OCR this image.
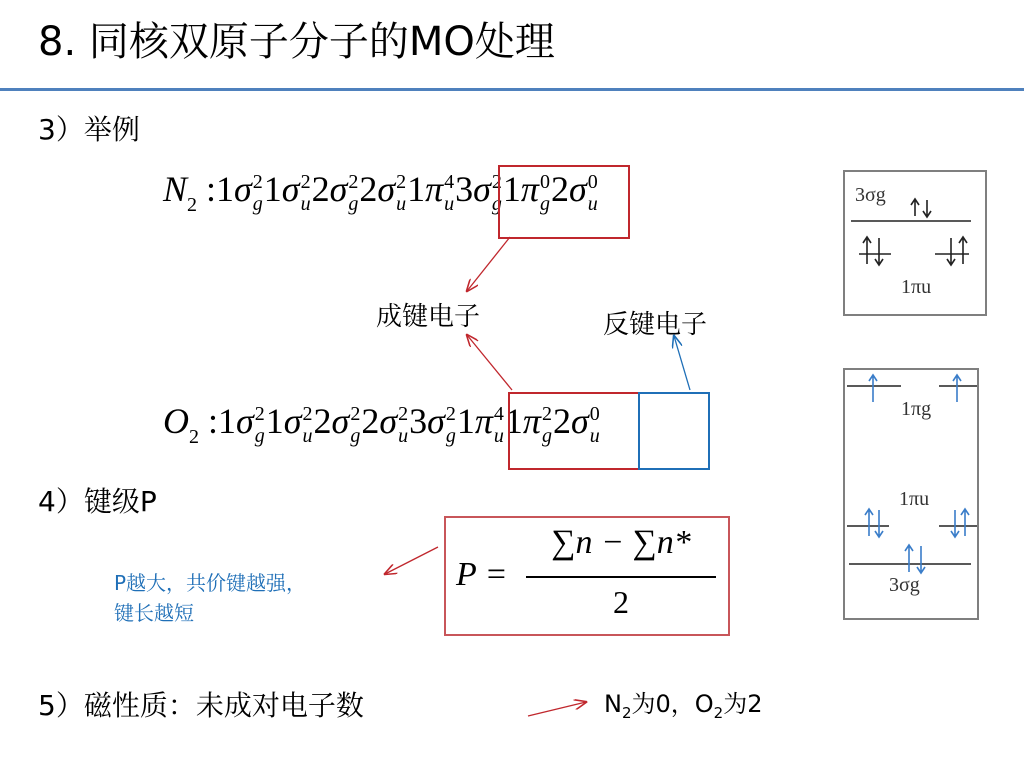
8. 同核双原子分子的MO处理
3）举例
$N_2$ :1σ 2
g 1σ 2
u 2σ 2
g 2σ 2
u 1π 4
u 3σ 2
g 1π 0
g 2σ 0
u
$O_2$ :1σ 2
g 1σ 2
u 2σ 2
g 2σ 2
u 3σ 2
g 1π 4
u 1π 2
g 2σ 0
u
成键电子	反键电子
4）键级P
P =
∑n − ∑n*
2
P越大，共价键越强，
键长越短
5）磁性质：未成对电子数	$N_2$为0，$O_2$为2
3σg
1πu
1πg
1πu
3σg
